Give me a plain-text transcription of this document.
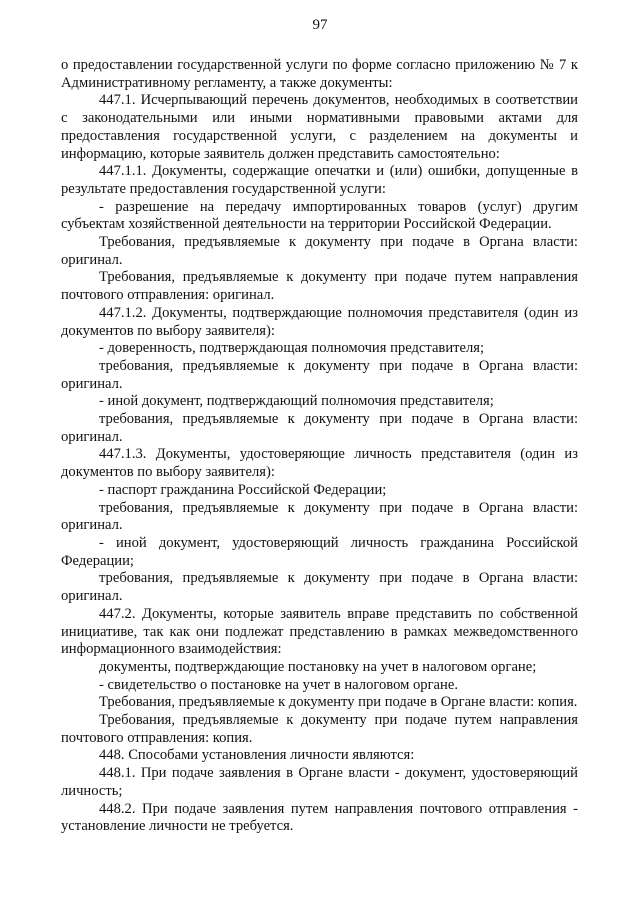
97

о предоставлении государственной услуги по форме согласно приложению № 7 к Административному регламенту, а также документы:

447.1. Исчерпывающий перечень документов, необходимых в соответствии с законодательными или иными нормативными правовыми актами для предоставления государственной услуги, с разделением на документы и информацию, которые заявитель должен представить самостоятельно:

447.1.1. Документы, содержащие опечатки и (или) ошибки, допущенные в результате предоставления государственной услуги:

- разрешение на передачу импортированных товаров (услуг) другим субъектам хозяйственной деятельности на территории Российской Федерации.

Требования, предъявляемые к документу при подаче в Органа власти: оригинал.

Требования, предъявляемые к документу при подаче путем направления почтового отправления: оригинал.

447.1.2. Документы, подтверждающие полномочия представителя (один из документов по выбору заявителя):

- доверенность, подтверждающая полномочия представителя;

требования, предъявляемые к документу при подаче в Органа власти: оригинал.

- иной документ, подтверждающий полномочия представителя;

требования, предъявляемые к документу при подаче в Органа власти: оригинал.

447.1.3. Документы, удостоверяющие личность представителя (один из документов по выбору заявителя):

- паспорт гражданина Российской Федерации;

требования, предъявляемые к документу при подаче в Органа власти: оригинал.

- иной документ, удостоверяющий личность гражданина Российской Федерации;

требования, предъявляемые к документу при подаче в Органа власти: оригинал.

447.2. Документы, которые заявитель вправе представить по собственной инициативе, так как они подлежат представлению в рамках межведомственного информационного взаимодействия:

документы, подтверждающие постановку на учет в налоговом органе;

- свидетельство о постановке на учет в налоговом органе.

Требования, предъявляемые к документу при подаче в Органе власти: копия.

Требования, предъявляемые к документу при подаче путем направления почтового отправления: копия.

448. Способами установления личности являются:

448.1. При подаче заявления в Органе власти - документ, удостоверяющий личность;

448.2. При подаче заявления путем направления почтового отправления - установление личности не требуется.
